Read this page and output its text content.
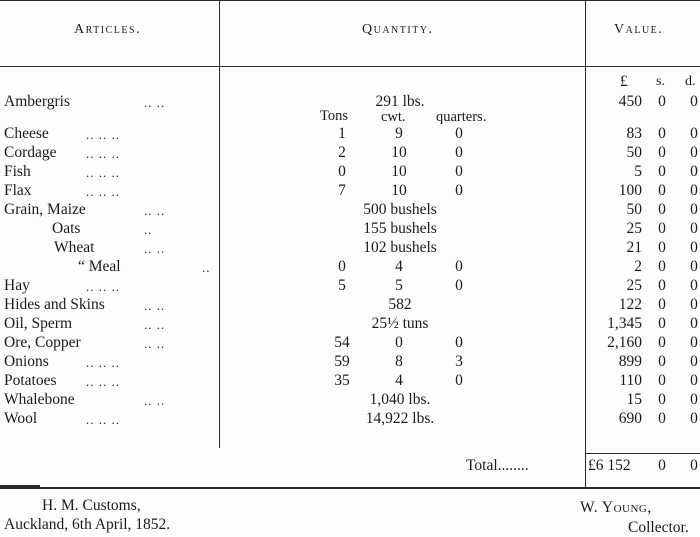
Articles.	Quantity.	Value.
£ s. d.
Tons cwt. quarters.
Ambergris	.. ..	291 lbs.	450	0	0
Cheese	.. .. ..	1	9	0	83	0	0
Cordage .. .. ..	2	10	0	50	0	0
Fish	.. .. ..	0	10	0	5	0	0
Flax	.. .. ..	7	10	0	100	0	0
Grain, Maize	.. ..	500 bushels	50	0	0
Oats	..	155 bushels	25	0	0
Wheat	.. ..	102 bushels	21	0	0
“ Meal	..	0	4	0	2	0	0
Hay	.. .. ..	5	5	0	25	0	0
Hides and Skins	.. ..	582	122	0	0
Oil, Sperm	.. ..	25½ tuns	1,345	0	0
Ore, Copper	.. ..	54	0	0	2,160	0	0
Onions	.. .. ..	59	8	3	899	0	0
Potatoes .. .. ..	35	4	0	110	0	0
Whalebone	.. ..	1,040 lbs.	15	0	0
Wool	.. .. ..	14,922 lbs.	690	0	0
Total........	£6 152	0	0
H. M. Customs,
Auckland, 6th April, 1852.
W. Young,
Collector.
